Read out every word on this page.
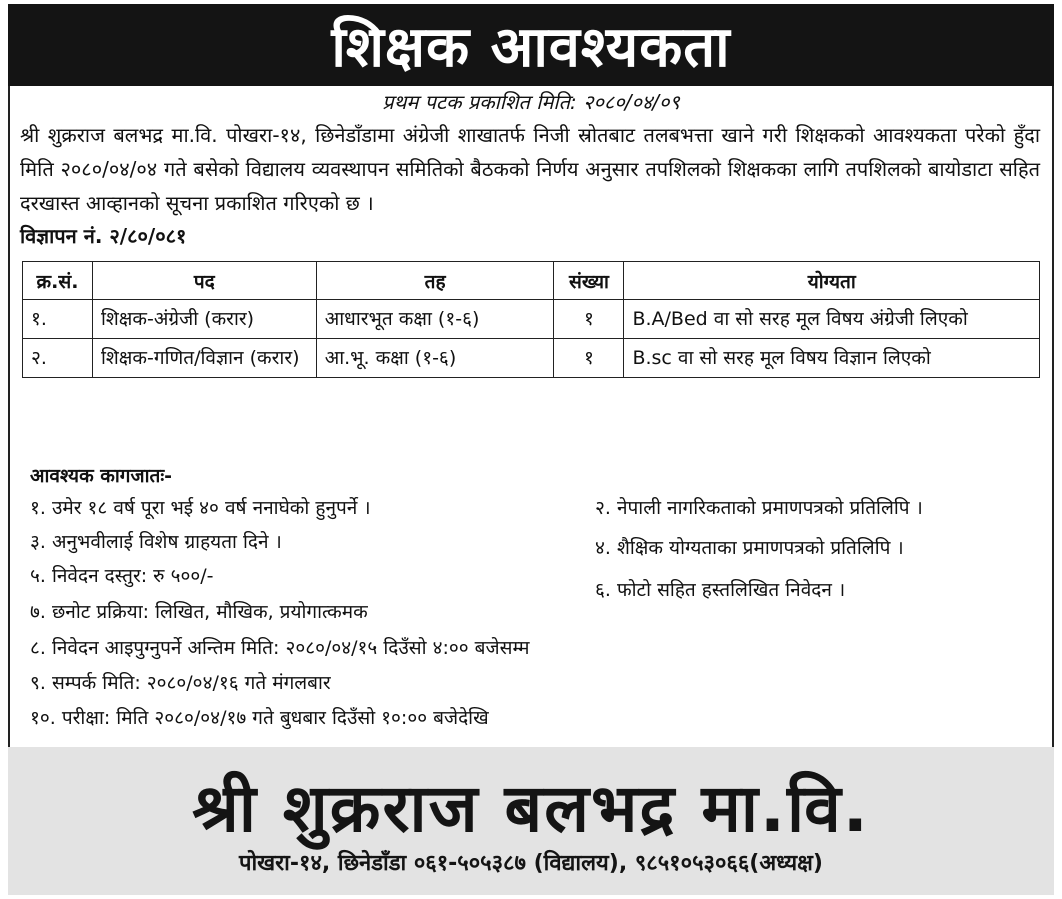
शिक्षक आवश्यकता
प्रथम पटक प्रकाशित मिति: २०८०/०४/०९
श्री शुक्रराज बलभद्र मा.वि. पोखरा-१४, छिनेडाँडामा अंग्रेजी शाखातर्फ निजी स्रोतबाट तलबभत्ता खाने गरी शिक्षकको आवश्यकता परेको हुँदा मिति २०८०/०४/०४ गते बसेको विद्यालय व्यवस्थापन समितिको बैठकको निर्णय अनुसार तपशिलको शिक्षकका लागि तपशिलको बायोडाटा सहित दरखास्त आव्हानको सूचना प्रकाशित गरिएको छ ।
विज्ञापन नं. २/८०/०८१
क्र.सं.	पद	तह	संख्या	योग्यता
१.	शिक्षक-अंग्रेजी (करार)	आधारभूत कक्षा (१-६)	१	B.A/Bed वा सो सरह मूल विषय अंग्रेजी लिएको
२.	शिक्षक-गणित/विज्ञान (करार)	आ.भू. कक्षा (१-६)	१	B.sc वा सो सरह मूल विषय विज्ञान लिएको
आवश्यक कागजातः-
१. उमेर १८ वर्ष पूरा भई ४० वर्ष ननाघेको हुनुपर्ने ।	२. नेपाली नागरिकताको प्रमाणपत्रको प्रतिलिपि ।
३. अनुभवीलाई विशेष ग्राहयता दिने ।	४. शैक्षिक योग्यताका प्रमाणपत्रको प्रतिलिपि ।
५. निवेदन दस्तुर: रु ५००/-
६. फोटो सहित हस्तलिखित निवेदन ।
७. छनोट प्रक्रिया: लिखित, मौखिक, प्रयोगात्कमक
८. निवेदन आइपुग्नुपर्ने अन्तिम मिति: २०८०/०४/१५ दिउँसो ४:०० बजेसम्म
९. सम्पर्क मिति: २०८०/०४/१६ गते मंगलबार
१०. परीक्षा: मिति २०८०/०४/१७ गते बुधबार दिउँसो १०:०० बजेदेखि
श्री शुक्रराज बलभद्र मा.वि.
पोखरा-१४, छिनेडाँडा ०६१-५०५३८७ (विद्यालय), ९८५१०५३०६६(अध्यक्ष)
